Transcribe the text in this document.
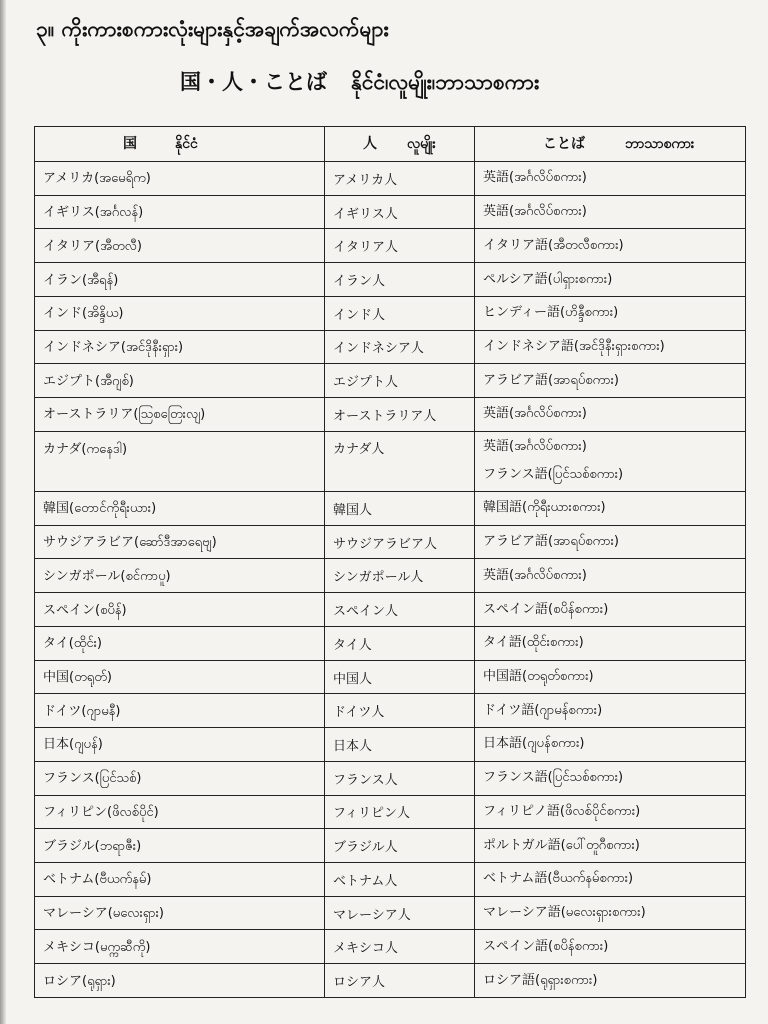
၃။ ကိုးကားစကားလုံးများနှင့်အချက်အလက်များ
国・人・ことば နိုင်ငံ၊လူမျိုး၊ဘာသာစကား
国 နိုင်ငံ	人 လူမျိုး	ことば ဘာသာစကား
アメリカ(အမေရိက)	アメリカ人	英語(အင်္ဂလိပ်စကား)

イギリス(အင်္ဂလန်)	イギリス人	英語(အင်္ဂလိပ်စကား)

イタリア(အီတလီ)	イタリア人	イタリア語(အီတလီစကား)

イラン(အီရန်)	イラン人	ペルシア語(ပါရှားစကား)

インド(အိန္ဒိယ)	インド人	ヒンディー語(ဟိန္ဒီစကား)

インドネシア(အင်ဒိုနီးရှား)	インドネシア人	インドネシア語(အင်ဒိုနီးရှားစကား)

エジプト(အီဂျစ်)	エジプト人	アラビア語(အာရပ်စကား)

オーストラリア(သြစတြေးလျ)	オーストラリア人	英語(အင်္ဂလိပ်စကား)

カナダ(ကနေဒါ)	カナダ人	英語(အင်္ဂလိပ်စကား)
フランス語(ပြင်သစ်စကား)

韓国(တောင်ကိုရီးယား)	韓国人	韓国語(ကိုရီးယားစကား)

サウジアラビア(ဆော်ဒီအာရေဗျ)	サウジアラビア人	アラビア語(အာရပ်စကား)

シンガポール(စင်ကာပူ)	シンガポール人	英語(အင်္ဂလိပ်စကား)

スペイン(စပိန်)	スペイン人	スペイン語(စပိန်စကား)

タイ(ထိုင်း)	タイ人	タイ語(ထိုင်းစကား)

中国(တရုတ်)	中国人	中国語(တရုတ်စကား)

ドイツ(ဂျာမနီ)	ドイツ人	ドイツ語(ဂျာမန်စကား)

日本(ဂျပန်)	日本人	日本語(ဂျပန်စကား)

フランス(ပြင်သစ်)	フランス人	フランス語(ပြင်သစ်စကား)

フィリピン(ဖိလစ်ပိုင်)	フィリピン人	フィリピノ語(ဖိလစ်ပိုင်စကား)

ブラジル(ဘရာဇီး)	ブラジル人	ポルトガル語(ပေါ်တူဂီစကား)

ベトナム(ဗီယက်နမ်)	ベトナム人	ベトナム語(ဗီယက်နမ်စကား)

マレーシア(မလေးရှား)	マレーシア人	マレーシア語(မလေးရှားစကား)

メキシコ(မက္ကဆီကို)	メキシコ人	スペイン語(စပိန်စကား)

ロシア(ရုရှား)	ロシア人	ロシア語(ရုရှားစကား)
